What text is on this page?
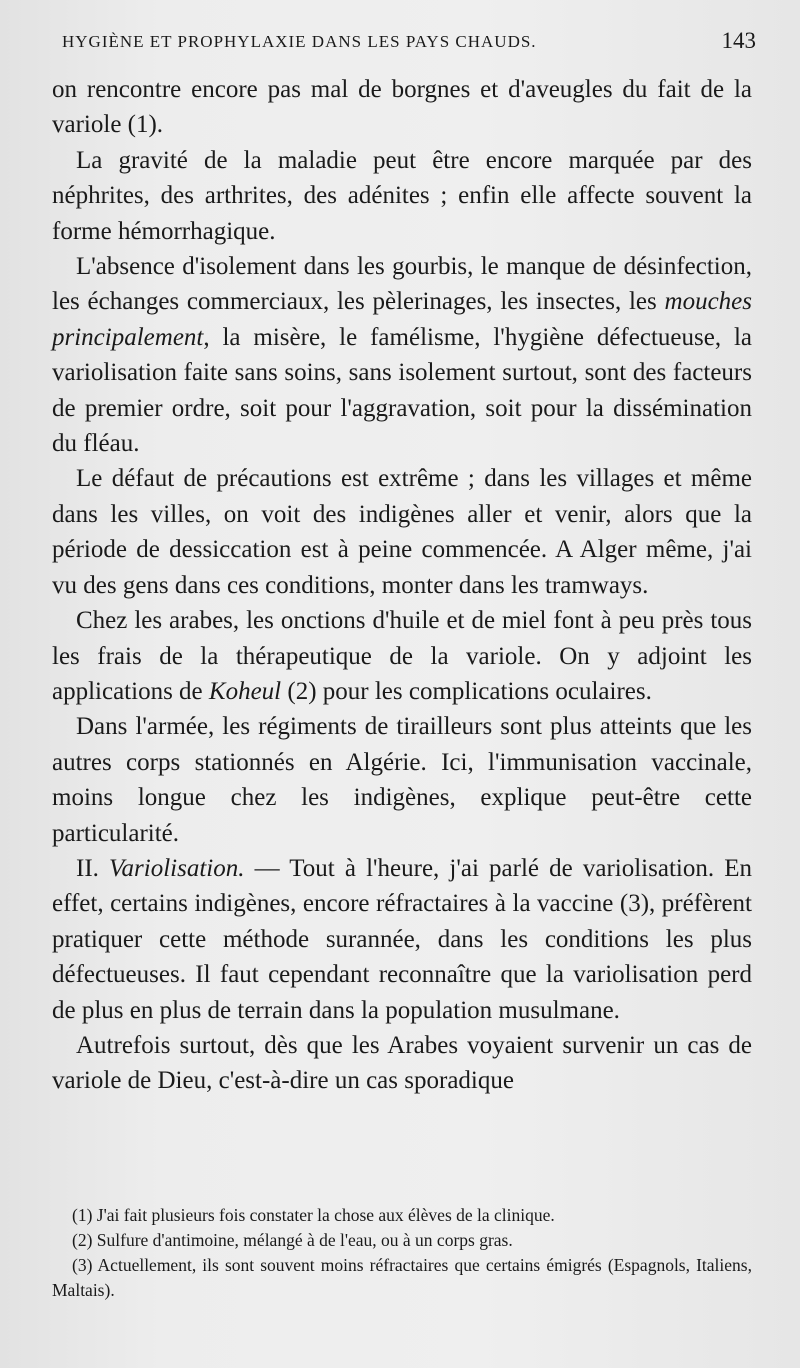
HYGIÈNE ET PROPHYLAXIE DANS LES PAYS CHAUDS.	143

on rencontre encore pas mal de borgnes et d'aveugles du fait de la variole (1).

La gravité de la maladie peut être encore marquée par des néphrites, des arthrites, des adénites ; enfin elle affecte souvent la forme hémorrhagique.

L'absence d'isolement dans les gourbis, le manque de désinfection, les échanges commerciaux, les pèlerinages, les insectes, les mouches principalement, la misère, le famélisme, l'hygiène défectueuse, la variolisation faite sans soins, sans isolement surtout, sont des facteurs de premier ordre, soit pour l'aggravation, soit pour la dissémination du fléau.

Le défaut de précautions est extrême ; dans les villages et même dans les villes, on voit des indigènes aller et venir, alors que la période de dessiccation est à peine commencée. A Alger même, j'ai vu des gens dans ces conditions, monter dans les tramways.

Chez les arabes, les onctions d'huile et de miel font à peu près tous les frais de la thérapeutique de la variole. On y adjoint les applications de Koheul (2) pour les complications oculaires.

Dans l'armée, les régiments de tirailleurs sont plus atteints que les autres corps stationnés en Algérie. Ici, l'immunisation vaccinale, moins longue chez les indigènes, explique peut-être cette particularité.

II. Variolisation. — Tout à l'heure, j'ai parlé de variolisation. En effet, certains indigènes, encore réfractaires à la vaccine (3), préfèrent pratiquer cette méthode surannée, dans les conditions les plus défectueuses. Il faut cependant reconnaître que la variolisation perd de plus en plus de terrain dans la population musulmane.

Autrefois surtout, dès que les Arabes voyaient survenir un cas de variole de Dieu, c'est-à-dire un cas sporadique

(1) J'ai fait plusieurs fois constater la chose aux élèves de la clinique.

(2) Sulfure d'antimoine, mélangé à de l'eau, ou à un corps gras.

(3) Actuellement, ils sont souvent moins réfractaires que certains émigrés (Espagnols, Italiens, Maltais).
